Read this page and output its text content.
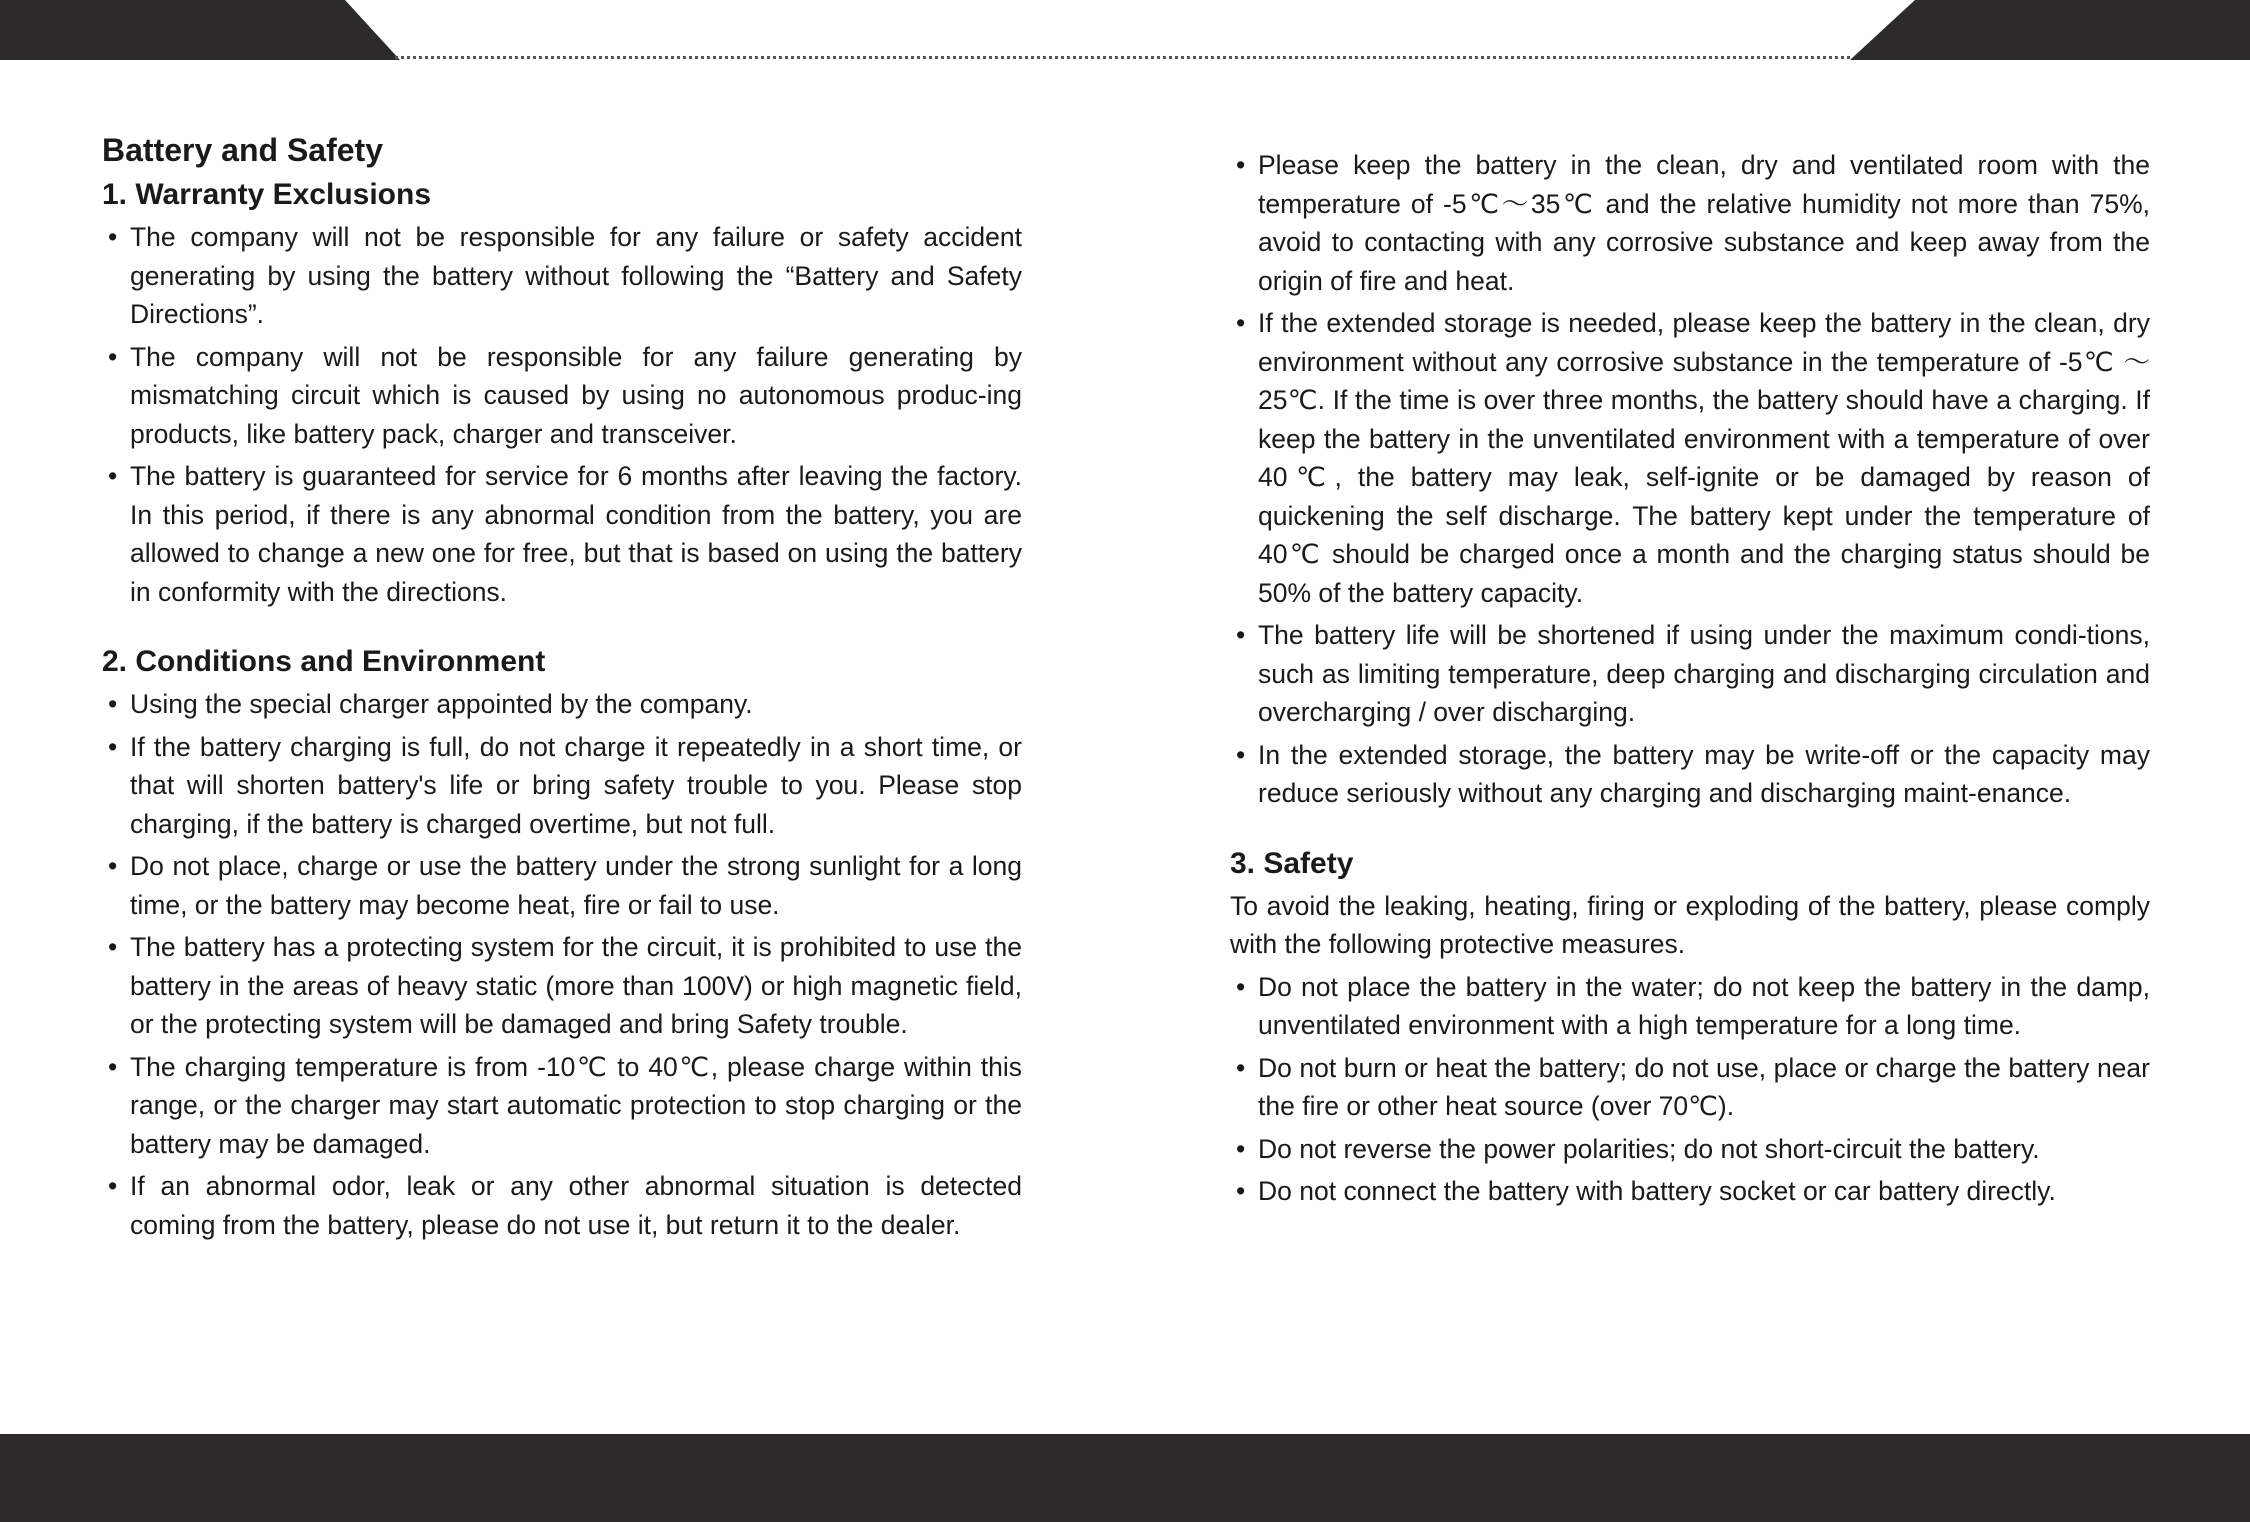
Battery and Safety
1. Warranty Exclusions
• The company will not be responsible for any failure or safety accident generating by using the battery without following the “Battery and Safety Directions”.
• The company will not be responsible for any failure generating by mismatching circuit which is caused by using no autonomous produc-ing products, like battery pack, charger and transceiver.
• The battery is guaranteed for service for 6 months after leaving the factory. In this period, if there is any abnormal condition from the battery, you are allowed to change a new one for free, but that is based on using the battery in conformity with the directions.
2. Conditions and Environment
• Using the special charger appointed by the company.
• If the battery charging is full, do not charge it repeatedly in a short time, or that will shorten battery's life or bring safety trouble to you. Please stop charging, if the battery is charged overtime, but not full.
• Do not place, charge or use the battery under the strong sunlight for a long time, or the battery may become heat, fire or fail to use.
• The battery has a protecting system for the circuit, it is prohibited to use the battery in the areas of heavy static (more than 100V) or high magnetic field, or the protecting system will be damaged and bring Safety trouble.
• The charging temperature is from -10℃ to 40℃, please charge within this range, or the charger may start automatic protection to stop charging or the battery may be damaged.
• If an abnormal odor, leak or any other abnormal situation is detected coming from the battery, please do not use it, but return it to the dealer.
• Please keep the battery in the clean, dry and ventilated room with the temperature of -5℃～35℃ and the relative humidity not more than 75%, avoid to contacting with any corrosive substance and keep away from the origin of fire and heat.
• If the extended storage is needed, please keep the battery in the clean, dry environment without any corrosive substance in the temperature of -5℃ ～ 25℃. If the time is over three months, the battery should have a charging. If keep the battery in the unventilated environment with a temperature of over 40℃, the battery may leak, self-ignite or be damaged by reason of quickening the self discharge. The battery kept under the temperature of 40℃ should be charged once a month and the charging status should be 50% of the battery capacity.
• The battery life will be shortened if using under the maximum condi-tions, such as limiting temperature, deep charging and discharging circulation and overcharging / over discharging.
• In the extended storage, the battery may be write-off or the capacity may reduce seriously without any charging and discharging maint-enance.
3. Safety

To avoid the leaking, heating, firing or exploding of the battery, please comply with the following protective measures.

• Do not place the battery in the water; do not keep the battery in the damp, unventilated environment with a high temperature for a long time.
• Do not burn or heat the battery; do not use, place or charge the battery near the fire or other heat source (over 70℃).
• Do not reverse the power polarities; do not short-circuit the battery.
• Do not connect the battery with battery socket or car battery directly.
